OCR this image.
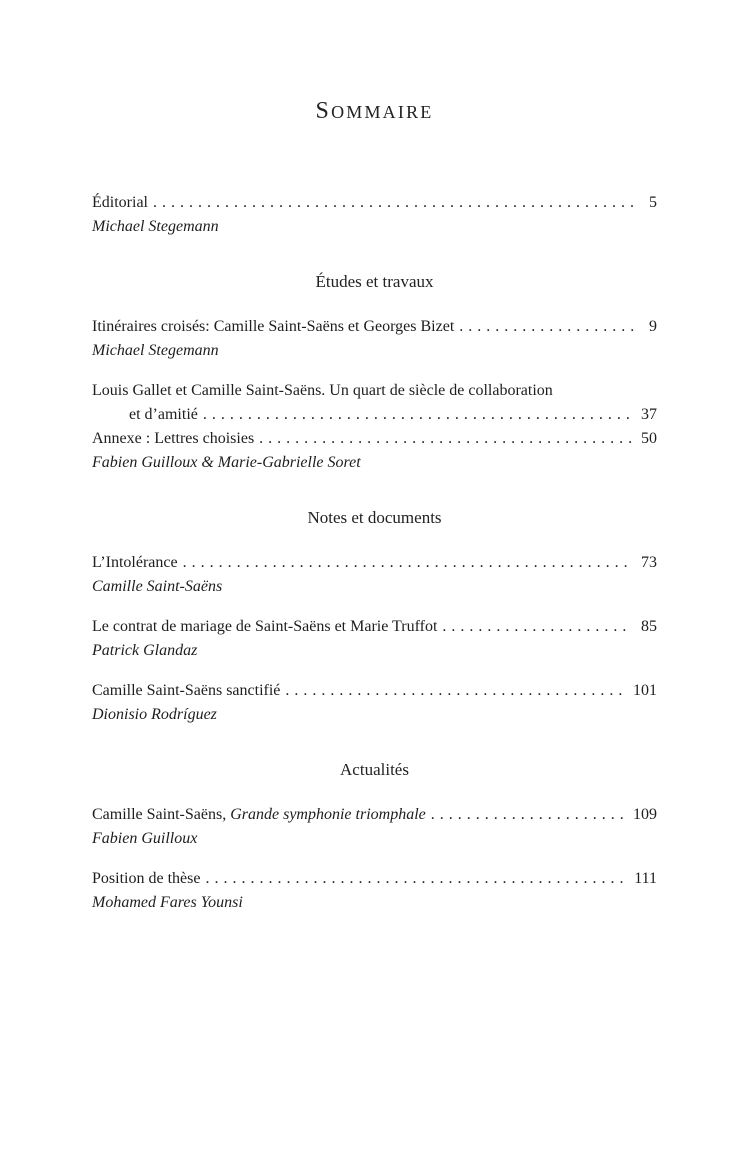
SOMMAIRE
Éditorial . . .	5
Michael Stegemann
Études et travaux
Itinéraires croisés: Camille Saint-Saëns et Georges Bizet . . .	9
Michael Stegemann
Louis Gallet et Camille Saint-Saëns. Un quart de siècle de collaboration
et d’amitié . . .	37
Annexe : Lettres choisies . . .	50
Fabien Guilloux & Marie-Gabrielle Soret
Notes et documents
L’Intolérance . . .	73
Camille Saint-Saëns
Le contrat de mariage de Saint-Saëns et Marie Truffot . . .	85
Patrick Glandaz
Camille Saint-Saëns sanctifié . . .	101
Dionisio Rodríguez
Actualités
Camille Saint-Saëns, Grande symphonie triomphale . . .	109
Fabien Guilloux
Position de thèse . . .	111
Mohamed Fares Younsi
